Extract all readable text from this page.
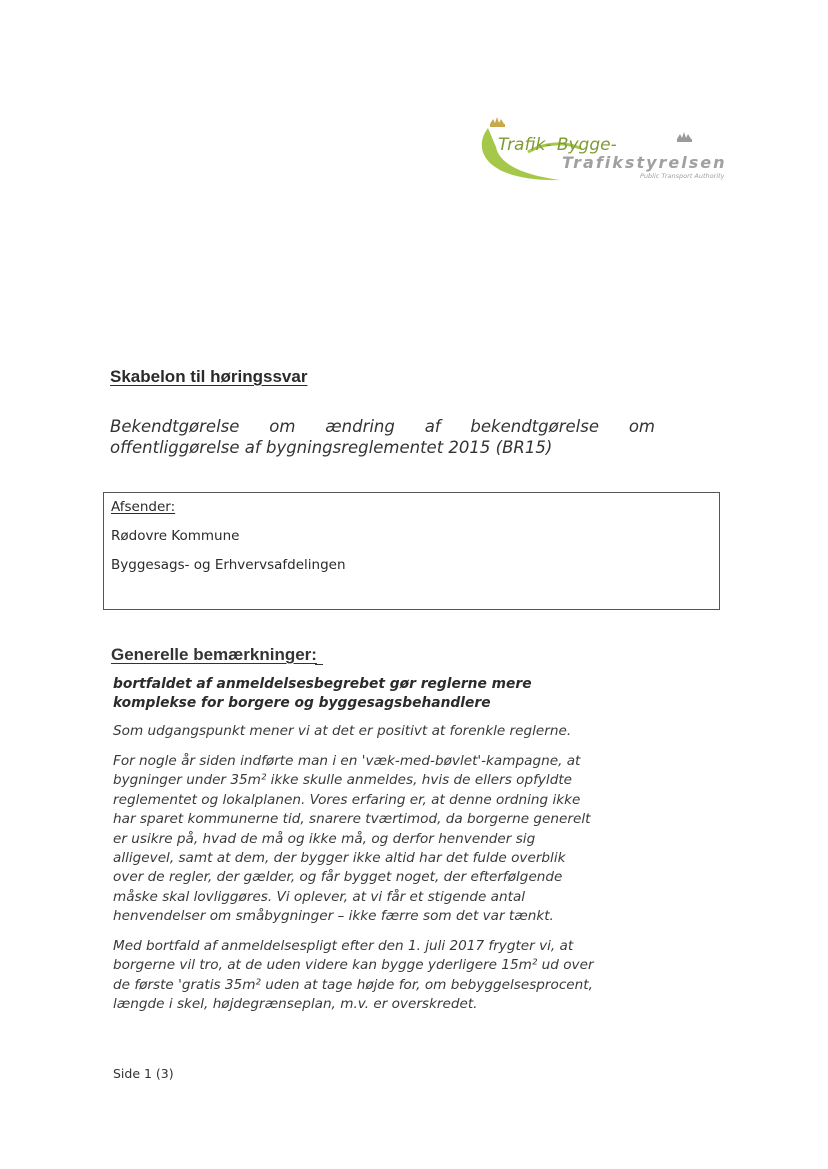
Trafik- Bygge-
Trafikstyrelsen
Public Transport Authority
Skabelon til høringssvar
Bekendtgørelse om ændring af bekendtgørelse om
offentliggørelse af bygningsreglementet 2015 (BR15)
Afsender:
Rødovre Kommune
Byggesags- og Erhvervsafdelingen
Generelle bemærkninger:

bortfaldet af anmeldelsesbegrebet gør reglerne mere
komplekse for borgere og byggesagsbehandlere

Som udgangspunkt mener vi at det er positivt at forenkle reglerne.

For nogle år siden indførte man i en 'væk-med-bøvlet'-kampagne, at
bygninger under 35m² ikke skulle anmeldes, hvis de ellers opfyldte
reglementet og lokalplanen. Vores erfaring er, at denne ordning ikke
har sparet kommunerne tid, snarere tværtimod, da borgerne generelt
er usikre på, hvad de må og ikke må, og derfor henvender sig
alligevel, samt at dem, der bygger ikke altid har det fulde overblik
over de regler, der gælder, og får bygget noget, der efterfølgende
måske skal lovliggøres. Vi oplever, at vi får et stigende antal
henvendelser om småbygninger – ikke færre som det var tænkt.

Med bortfald af anmeldelsespligt efter den 1. juli 2017 frygter vi, at
borgerne vil tro, at de uden videre kan bygge yderligere 15m² ud over
de første 'gratis 35m² uden at tage højde for, om bebyggelsesprocent,
længde i skel, højdegrænseplan, m.v. er overskredet.

Side 1 (3)
